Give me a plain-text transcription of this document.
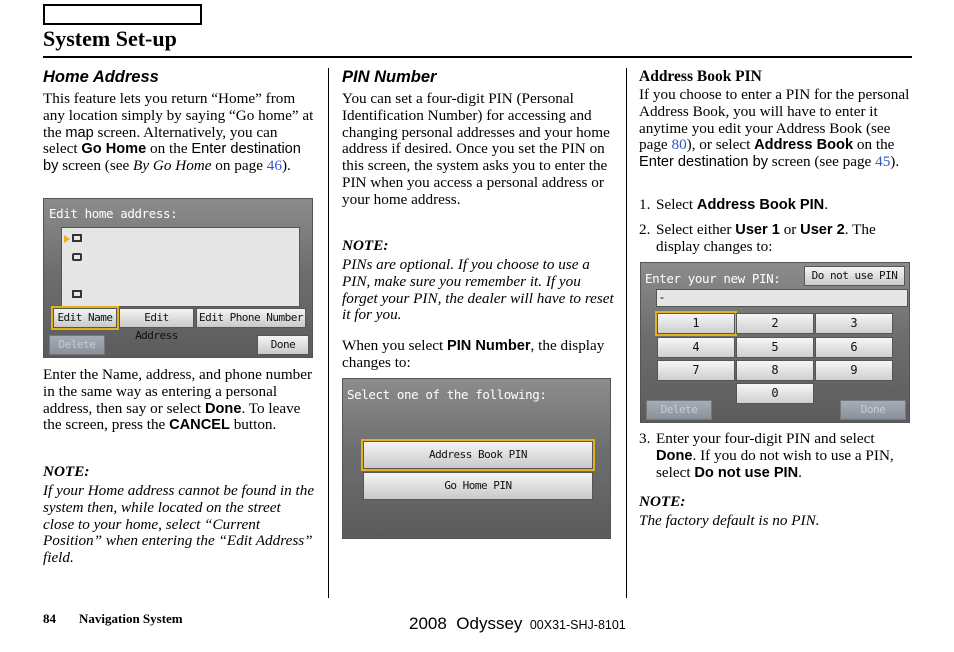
System Set-up
Home Address
This feature lets you return “Home” from any location simply by saying “Go home” at the map screen. Alternatively, you can select Go Home on the Enter destination by screen (see By Go Home on page 46).
Edit home address:
Edit Name	Edit Address
Edit Phone Number
Delete	Done
Enter the Name, address, and phone number in the same way as entering a personal address, then say or select Done. To leave the screen, press the CANCEL button.
NOTE:
If your Home address cannot be found in the system then, while located on the street close to your home, select “Current Position” when entering the “Edit Address” field.
PIN Number
You can set a four-digit PIN (Personal Identification Number) for accessing and changing personal addresses and your home address if desired. Once you set the PIN on this screen, the system asks you to enter the PIN when you access a personal address or your home address.
NOTE:
PINs are optional. If you choose to use a PIN, make sure you remember it. If you forget your PIN, the dealer will have to reset it for you.
When you select PIN Number, the display changes to:
Select one of the following:
Address Book PIN
Go Home PIN
Address Book PIN
If you choose to enter a PIN for the personal Address Book, you will have to enter it anytime you edit your Address Book (see page 80), or select Address Book on the Enter destination by screen (see page 45).
1. Select Address Book PIN.
2. Select either User 1 or User 2. The display changes to:
Enter your new PIN:	Do not use PIN
-
1	2	3
4	5	6
7	8	9
0
Delete	Done
3. Enter your four-digit PIN and select Done. If you do not wish to use a PIN, select Do not use PIN.
NOTE:
The factory default is no PIN.
84 Navigation System	2008  Odyssey 00X31-SHJ-8101
